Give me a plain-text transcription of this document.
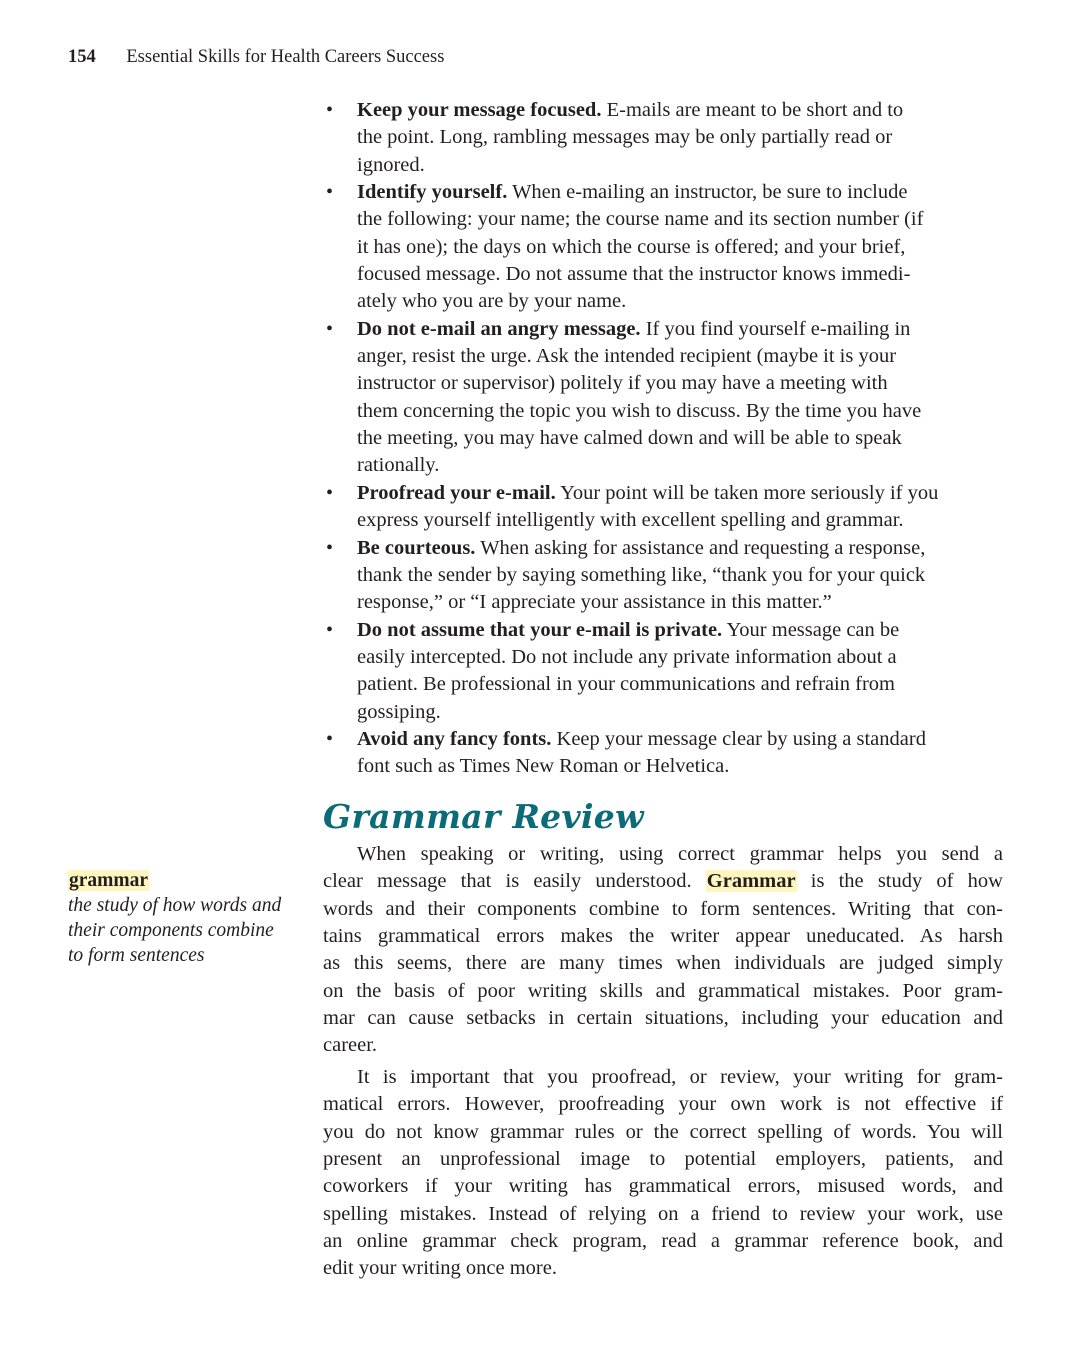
154 Essential Skills for Health Careers Success
• Keep your message focused. E-mails are meant to be short and to
the point. Long, rambling messages may be only partially read or
ignored.
• Identify yourself. When e-mailing an instructor, be sure to include
the following: your name; the course name and its section number (if
it has one); the days on which the course is offered; and your brief,
focused message. Do not assume that the instructor knows immedi-
ately who you are by your name.
• Do not e-mail an angry message. If you find yourself e-mailing in
anger, resist the urge. Ask the intended recipient (maybe it is your
instructor or supervisor) politely if you may have a meeting with
them concerning the topic you wish to discuss. By the time you have
the meeting, you may have calmed down and will be able to speak
rationally.
• Proofread your e-mail. Your point will be taken more seriously if you
express yourself intelligently with excellent spelling and grammar.
• Be courteous. When asking for assistance and requesting a response,
thank the sender by saying something like, “thank you for your quick
response,” or “I appreciate your assistance in this matter.”
• Do not assume that your e-mail is private. Your message can be
easily intercepted. Do not include any private information about a
patient. Be professional in your communications and refrain from
gossiping.
• Avoid any fancy fonts. Keep your message clear by using a standard
font such as Times New Roman or Helvetica.
Grammar Review
When speaking or writing, using correct grammar helps you send a
clear message that is easily understood. Grammar is the study of how
words and their components combine to form sentences. Writing that con-
tains grammatical errors makes the writer appear uneducated. As harsh
as this seems, there are many times when individuals are judged simply
on the basis of poor writing skills and grammatical mistakes. Poor gram-
mar can cause setbacks in certain situations, including your education and
career.
It is important that you proofread, or review, your writing for gram-
matical errors. However, proofreading your own work is not effective if
you do not know grammar rules or the correct spelling of words. You will
present an unprofessional image to potential employers, patients, and
coworkers if your writing has grammatical errors, misused words, and
spelling mistakes. Instead of relying on a friend to review your work, use
an online grammar check program, read a grammar reference book, and
edit your writing once more.
grammar
the study of how words and
their components combine
to form sentences
